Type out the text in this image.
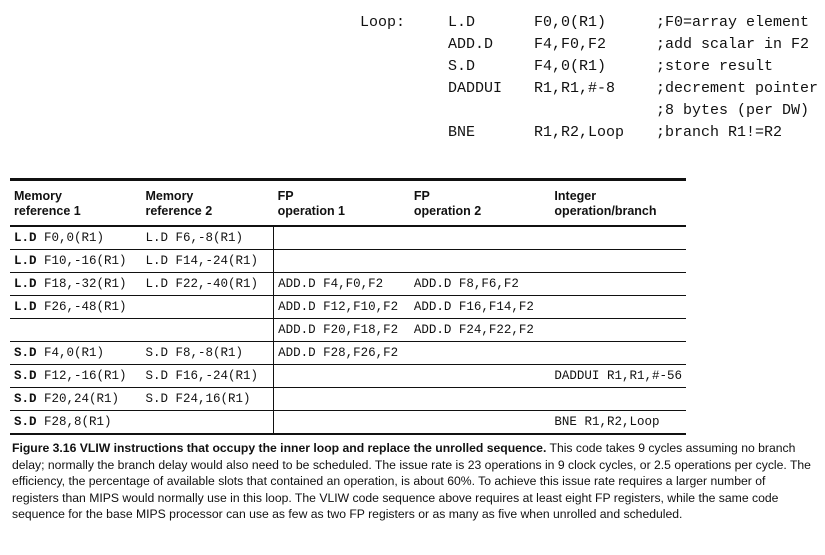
Loop:	L.D	F0,0(R1)	;F0=array element
ADD.D	F4,F0,F2	;add scalar in F2
S.D	F4,0(R1)	;store result
DADDUI	R1,R1,#-8	;decrement pointer
;8 bytes (per DW)
BNE	R1,R2,Loop	;branch R1!=R2
Memory
reference 1	Memory
reference 2	FP
operation 1	FP
operation 2	Integer
operation/branch
L.D F0,0(R1)	L.D F6,-8(R1)			
L.D F10,-16(R1)	L.D F14,-24(R1)			
L.D F18,-32(R1)	L.D F22,-40(R1)	ADD.D F4,F0,F2	ADD.D F8,F6,F2	
L.D F26,-48(R1)		ADD.D F12,F10,F2	ADD.D F16,F14,F2	
		ADD.D F20,F18,F2	ADD.D F24,F22,F2	
S.D F4,0(R1)	S.D F8,-8(R1)	ADD.D F28,F26,F2		
S.D F12,-16(R1)	S.D F16,-24(R1)			DADDUI R1,R1,#-56
S.D F20,24(R1)	S.D F24,16(R1)			
S.D F28,8(R1)				BNE R1,R2,Loop
Figure 3.16 VLIW instructions that occupy the inner loop and replace the unrolled sequence. This code takes 9 cycles assuming no branch delay; normally the branch delay would also need to be scheduled. The issue rate is 23 operations in 9 clock cycles, or 2.5 operations per cycle. The efficiency, the percentage of available slots that contained an operation, is about 60%. To achieve this issue rate requires a larger number of registers than MIPS would normally use in this loop. The VLIW code sequence above requires at least eight FP registers, while the same code sequence for the base MIPS processor can use as few as two FP registers or as many as five when unrolled and scheduled.
